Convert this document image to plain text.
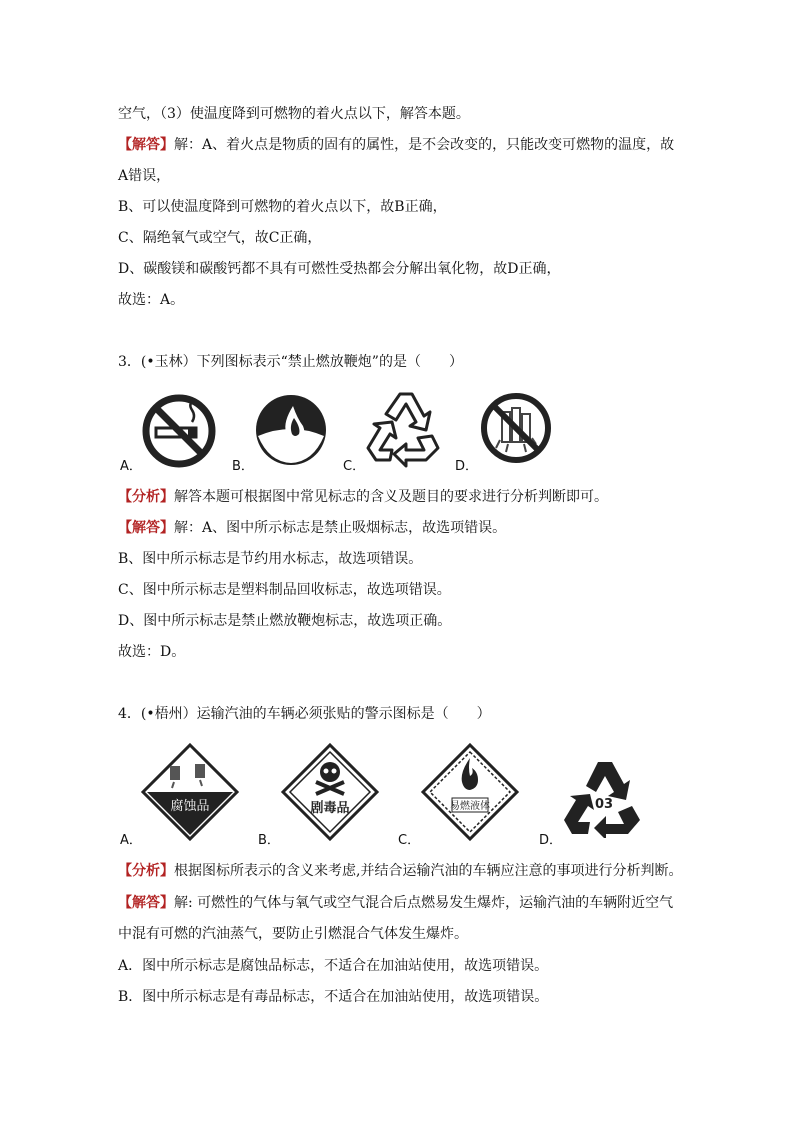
空气，（3）使温度降到可燃物的着火点以下，解答本题。
【解答】解：A、着火点是物质的固有的属性，是不会改变的，只能改变可燃物的温度，故
A错误，
B、可以使温度降到可燃物的着火点以下，故B正确，
C、隔绝氧气或空气，故C正确，
D、碳酸镁和碳酸钙都不具有可燃性受热都会分解出氧化物，故D正确，
故选：A。
3．(•玉林）下列图标表示“禁止燃放鞭炮”的是（　　）
A．	B．	C．	D．
【分析】解答本题可根据图中常见标志的含义及题目的要求进行分析判断即可。
【解答】解：A、图中所示标志是禁止吸烟标志，故选项错误。
B、图中所示标志是节约用水标志，故选项错误。
C、图中所示标志是塑料制品回收标志，故选项错误。
D、图中所示标志是禁止燃放鞭炮标志，故选项正确。
故选：D。
4．(•梧州）运输汽油的车辆必须张贴的警示图标是（　　）
A．
腐蚀品
B．
剧毒品
C．
易燃液体
D．
03
【分析】根据图标所表示的含义来考虑,并结合运输汽油的车辆应注意的事项进行分析判断。
【解答】解: 可燃性的气体与氧气或空气混合后点燃易发生爆炸，运输汽油的车辆附近空气
中混有可燃的汽油蒸气，要防止引燃混合气体发生爆炸。
A．图中所示标志是腐蚀品标志，不适合在加油站使用，故选项错误。
B．图中所示标志是有毒品标志，不适合在加油站使用，故选项错误。
